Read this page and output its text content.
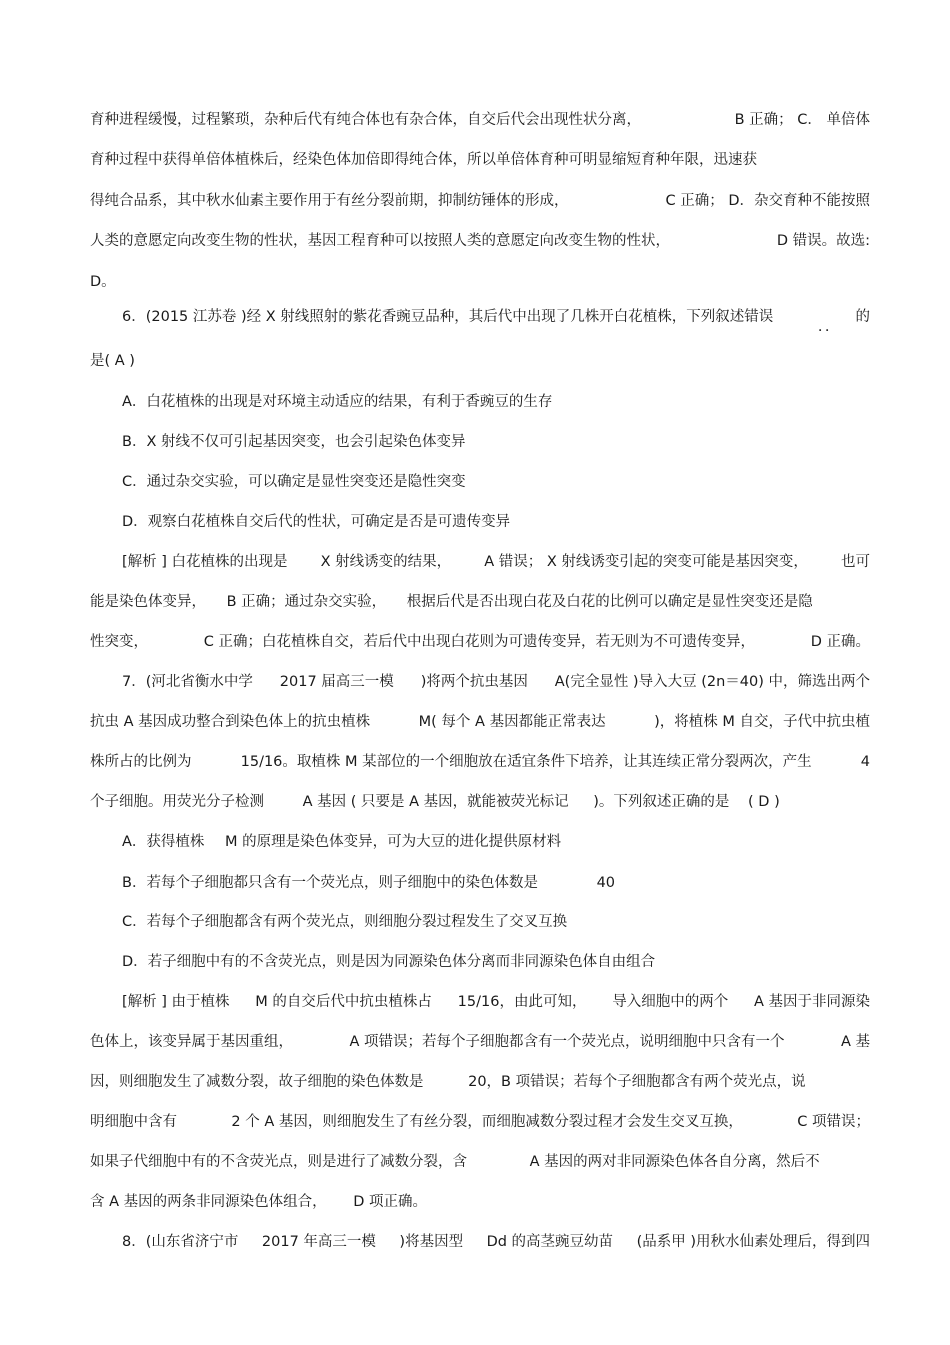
育种进程缓慢，过程繁琐，杂种后代有纯合体也有杂合体，自交后代会出现性状分离，	B 正确； C． 单倍体
育种过程中获得单倍体植株后，经染色体加倍即得纯合体，所以单倍体育种可明显缩短育种年限，迅速获
得纯合品系，其中秋水仙素主要作用于有丝分裂前期，抑制纺锤体的形成，	C 正确； D．杂交育种不能按照
人类的意愿定向改变生物的性状，基因工程育种可以按照人类的意愿定向改变生物的性状，	D 错误。故选:
D。
6．(2015 江苏卷 )经 X 射线照射的紫花香豌豆品种，其后代中出现了几株开白花植株，下列叙述错误	的
．．
是( A )
A．白花植株的出现是对环境主动适应的结果，有利于香豌豆的生存
B．X 射线不仅可引起基因突变，也会引起染色体变异
C．通过杂交实验，可以确定是显性突变还是隐性突变
D．观察白花植株自交后代的性状，可确定是否是可遗传变异
[解析 ] 白花植株的出现是 X 射线诱变的结果， A 错误； X 射线诱变引起的突变可能是基因突变， 也可
能是染色体变异， B 正确；通过杂交实验， 根据后代是否出现白花及白花的比例可以确定是显性突变还是隐
性突变，	C 正确；白花植株自交，若后代中出现白花则为可遗传变异，若无则为不可遗传变异，	D 正确。
7．(河北省衡水中学 2017 届高三一模 )将两个抗虫基因 A(完全显性 )导入大豆 (2n＝40) 中，筛选出两个
抗虫 A 基因成功整合到染色体上的抗虫植株	M( 每个 A 基因都能正常表达	)，将植株 M 自交，子代中抗虫植
株所占的比例为	15/16。取植株 M 某部位的一个细胞放在适宜条件下培养，让其连续正常分裂两次，产生	4
个子细胞。用荧光分子检测	A 基因 ( 只要是 A 基因，就能被荧光标记 )。下列叙述正确的是 ( D )
A．获得植株 M 的原理是染色体变异，可为大豆的进化提供原材料
B．若每个子细胞都只含有一个荧光点，则子细胞中的染色体数是	40
C．若每个子细胞都含有两个荧光点，则细胞分裂过程发生了交叉互换
D．若子细胞中有的不含荧光点，则是因为同源染色体分离而非同源染色体自由组合
[解析 ] 由于植株 M 的自交后代中抗虫植株占 15/16，由此可知， 导入细胞中的两个 A 基因于非同源染
色体上，该变异属于基因重组，	A 项错误；若每个子细胞都含有一个荧光点，说明细胞中只含有一个	A 基
因，则细胞发生了减数分裂，故子细胞的染色体数是	20，B 项错误；若每个子细胞都含有两个荧光点，说
明细胞中含有	2 个 A 基因，则细胞发生了有丝分裂，而细胞减数分裂过程才会发生交叉互换，	C 项错误；
如果子代细胞中有的不含荧光点，则是进行了减数分裂，含	A 基因的两对非同源染色体各自分离，然后不
含 A 基因的两条非同源染色体组合， D 项正确。
8．(山东省济宁市 2017 年高三一模 )将基因型 Dd 的高茎豌豆幼苗 (品系甲 )用秋水仙素处理后，得到四
